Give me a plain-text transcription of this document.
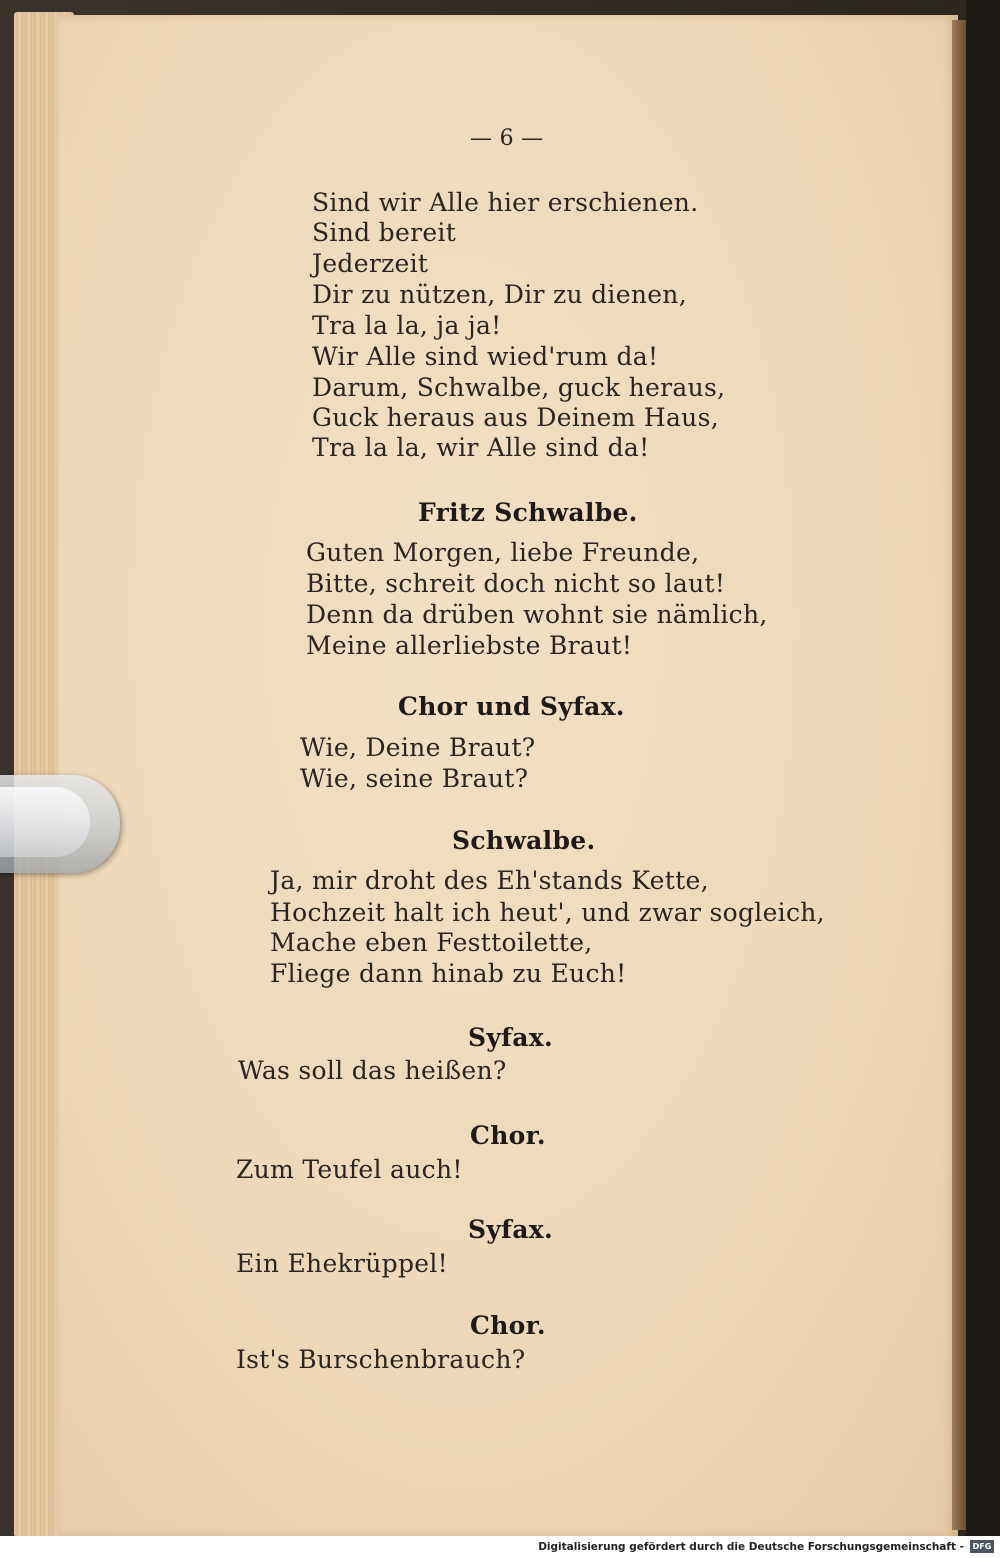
— 6 —
Sind wir Alle hier erschienen.
Sind bereit
Jederzeit
Dir zu nützen, Dir zu dienen,
Tra la la, ja ja!
Wir Alle sind wied'rum da!
Darum, Schwalbe, guck heraus,
Guck heraus aus Deinem Haus,
Tra la la, wir Alle sind da!
Fritz Schwalbe.
Guten Morgen, liebe Freunde,
Bitte, schreit doch nicht so laut!
Denn da drüben wohnt sie nämlich,
Meine allerliebste Braut!
Chor und Syfax.
Wie, Deine Braut?
Wie, seine Braut?
Schwalbe.
Ja, mir droht des Eh'stands Kette,
Hochzeit halt ich heut', und zwar sogleich,
Mache eben Festtoilette,
Fliege dann hinab zu Euch!
Syfax.
Was soll das heißen?
Chor.
Zum Teufel auch!
Syfax.
Ein Ehekrüppel!
Chor.
Ist's Burschenbrauch?
Digitalisierung gefördert durch die Deutsche Forschungsgemeinschaft -	DFG
